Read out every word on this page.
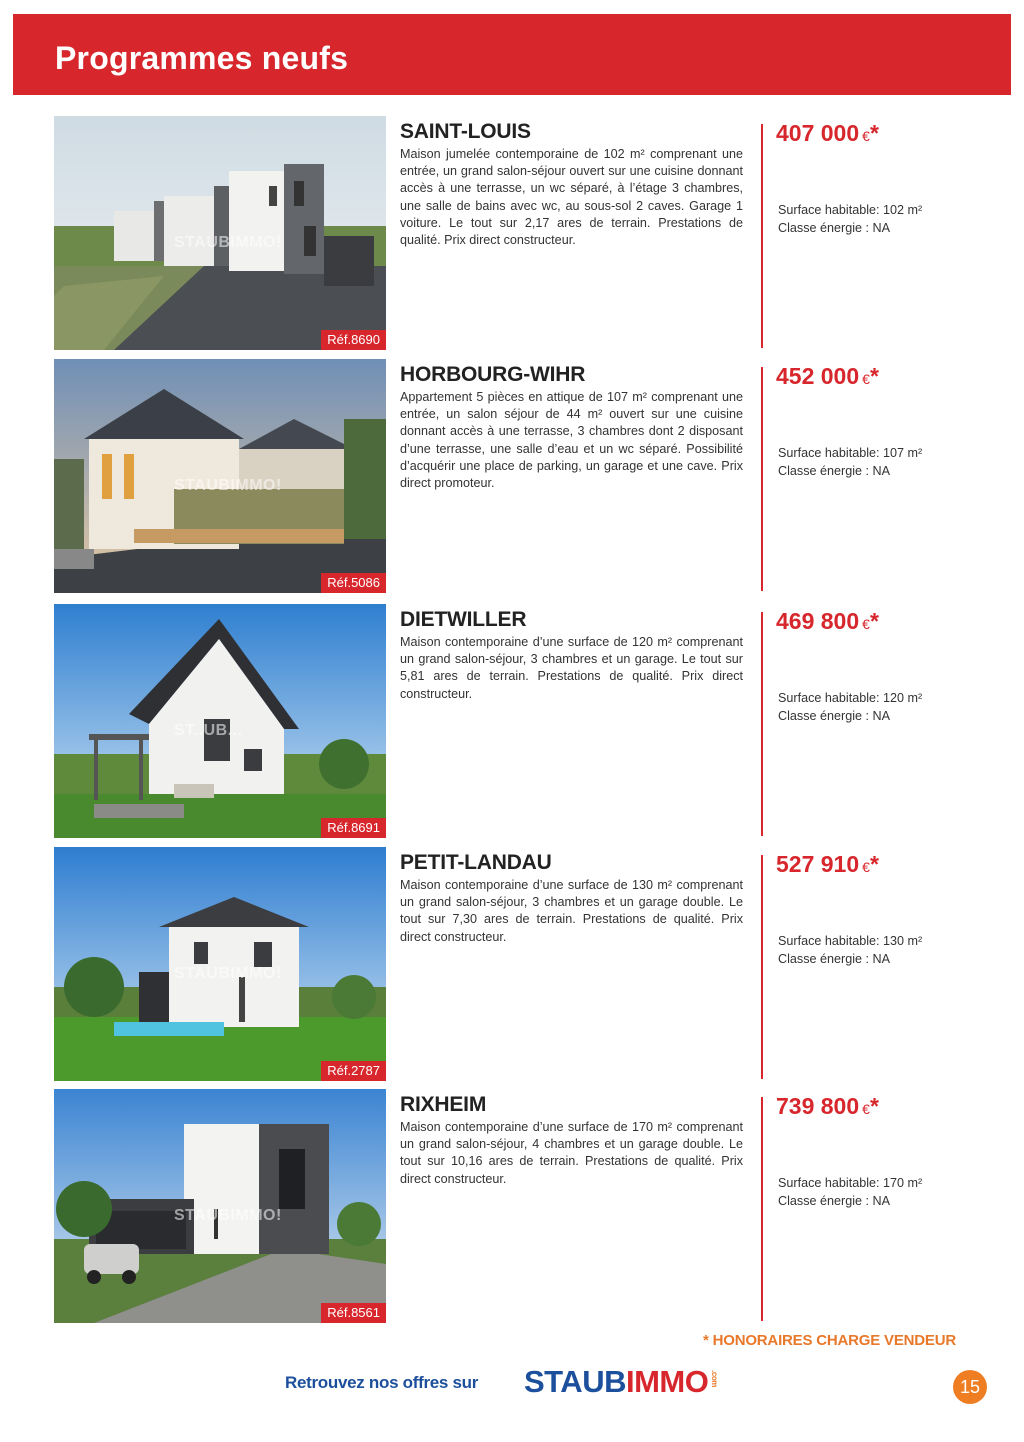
Programmes neufs
STAUBIMMO!
Réf.8690
SAINT-LOUIS

Maison jumelée contemporaine de 102 m² comprenant une entrée, un grand salon-séjour ouvert sur une cuisine donnant accès à une terrasse, un wc séparé, à l’étage 3 chambres, une salle de bains avec wc, au sous-sol 2 caves. Garage 1 voiture. Le tout sur 2,17 ares de terrain. Prestations de qualité. Prix direct constructeur.

407 000 €*
Surface habitable: 102 m²
Classe énergie : NA
STAUBIMMO!
Réf.5086
HORBOURG-WIHR

Appartement 5 pièces en attique de 107 m² comprenant une entrée, un salon séjour de 44 m² ouvert sur une cuisine donnant accès à une terrasse, 3 chambres dont 2 disposant d’une terrasse, une salle d’eau et un wc séparé. Possibilité d’acquérir une place de parking, un garage et une cave. Prix direct promoteur.

452 000 €*
Surface habitable: 107 m²
Classe énergie : NA
ST..UB...
Réf.8691
DIETWILLER

Maison contemporaine d’une surface de 120 m² comprenant un grand salon-séjour, 3 chambres et un garage. Le tout sur 5,81 ares de terrain. Prestations de qualité. Prix direct constructeur.

469 800 €*
Surface habitable: 120 m²
Classe énergie : NA
STAUBIMMO!
Réf.2787
PETIT-LANDAU

Maison contemporaine d’une surface de 130 m² comprenant un grand salon-séjour, 3 chambres et un garage double. Le tout sur 7,30 ares de terrain. Prestations de qualité. Prix direct constructeur.

527 910 €*
Surface habitable: 130 m²
Classe énergie : NA
STAUBIMMO!
Réf.8561
RIXHEIM

Maison contemporaine d’une surface de 170 m² comprenant un grand salon-séjour, 4 chambres et un garage double. Le tout sur 10,16 ares de terrain. Prestations de qualité. Prix direct constructeur.

739 800 €*
Surface habitable: 170 m²
Classe énergie : NA
* HONORAIRES CHARGE VENDEUR
Retrouvez nos offres sur STAUBIMMO .com	15
